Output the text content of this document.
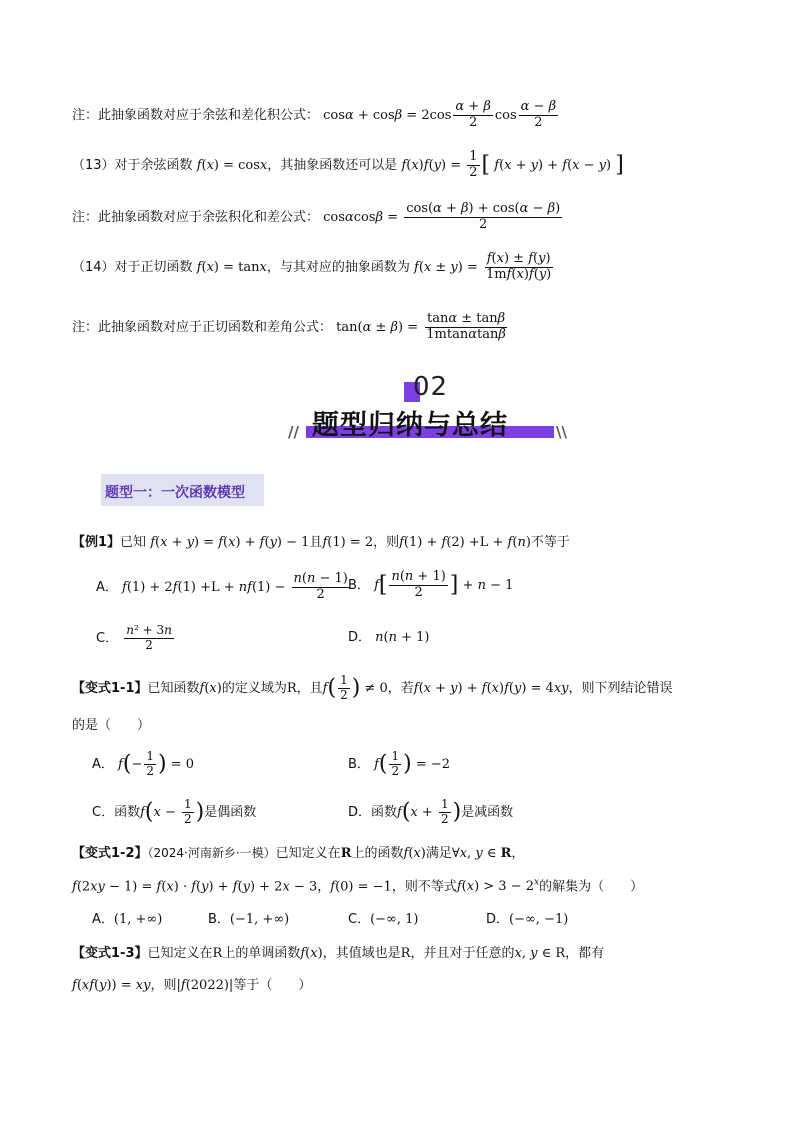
注：此抽象函数对应于余弦和差化积公式： $\cos\alpha + \cos\beta = 2\cos \frac{\alpha + \beta}{2}$ $\cos \frac{\alpha - \beta}{2}$
（13）对于余弦函数 f(x) = cosx，其抽象函数还可以是 $f(x)f(y) = \frac{1}{2}$ [ f(x + y) + f(x − y) ]
注：此抽象函数对应于余弦积化和差公式： $\cos\alpha\cos\beta = \frac{\cos(\alpha + \beta) + \cos(\alpha - \beta)}{2}$
（14）对于正切函数 f(x) = tanx，与其对应的抽象函数为 $f(x \pm y) = \frac{f(x) \pm f(y)}{1mf(x)f(y)}$
注：此抽象函数对应于正切函数和差角公式： $\tan(\alpha \pm \beta) = \frac{\tan\alpha \pm \tan\beta}{1mtan\alpha\tan\beta}$
02
题型归纳与总结
//	\\
题型一：一次函数模型
【例1】已知 f(x + y) = f(x) + f(y) − 1且f(1) = 2，则f(1) + f(2) +L + f(n)不等于
A． $f(1) + 2f(1) +L + nf(1) - \frac{n(n - 1)}{2}$
B． $f[ \frac{n(n + 1)}{2}$ ] + n − 1
C． $\frac{\text{n² + 3n}}{2}$	D． n(n + 1)
【变式1-1】已知函数f(x)的定义域为R，且$f( \frac{1}{2}$ ) ≠ 0，若f(x + y) + f(x)f(y) = 4xy，则下列结论错误
的是（　　）
A． $f(- \frac{1}{2}$ ) = 0	B． $f( \frac{1}{2}$ ) = −2
C．函数$f(x - \frac{1}{2}$ )是偶函数	D．函数$f(x + \frac{1}{2}$ )是减函数
【变式1-2】（2024·河南新乡·一模）已知定义在R上的函数f(x)满足∀x, y ∈ R，
f(2xy − 1) = f(x) · f(y) + f(y) + 2x − 3，f(0) = −1，则不等式$f(x) > 3 - 2^x$的解集为（　　）
A．(1, +∞)	B．(−1, +∞)	C．(−∞, 1)	D．(−∞, −1)
【变式1-3】已知定义在R上的单调函数f(x)，其值域也是R，并且对于任意的x, y ∈ R，都有
f(xf(y)) = xy，则|f(2022)|等于（　　）
